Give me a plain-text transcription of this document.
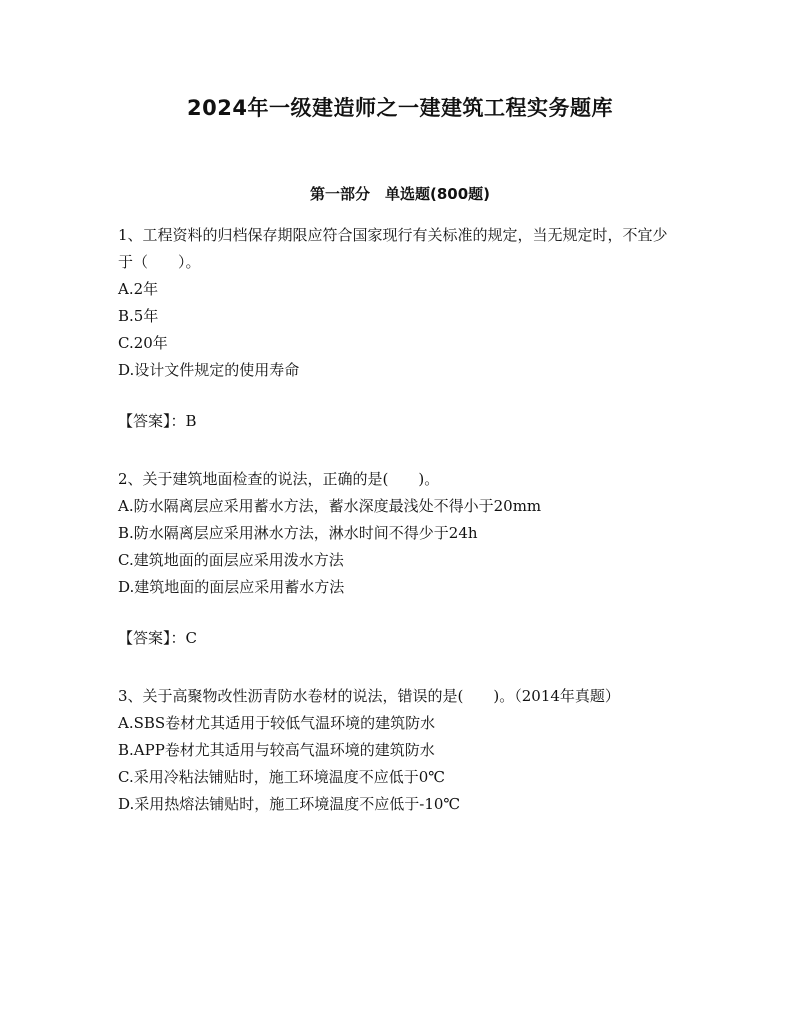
2024年一级建造师之一建建筑工程实务题库
第一部分　单选题(800题)

1、工程资料的归档保存期限应符合国家现行有关标准的规定，当无规定时，不宜少于（　　）。

A.2年

B.5年

C.20年

D.设计文件规定的使用寿命

【答案】：B

2、关于建筑地面检查的说法，正确的是(　　)。

A.防水隔离层应采用蓄水方法，蓄水深度最浅处不得小于20mm

B.防水隔离层应采用淋水方法，淋水时间不得少于24h

C.建筑地面的面层应采用泼水方法

D.建筑地面的面层应采用蓄水方法

【答案】：C

3、关于高聚物改性沥青防水卷材的说法，错误的是(　　)。（2014年真题）

A.SBS卷材尤其适用于较低气温环境的建筑防水

B.APP卷材尤其适用与较高气温环境的建筑防水

C.采用冷粘法铺贴时，施工环境温度不应低于0℃

D.采用热熔法铺贴时，施工环境温度不应低于-10℃
